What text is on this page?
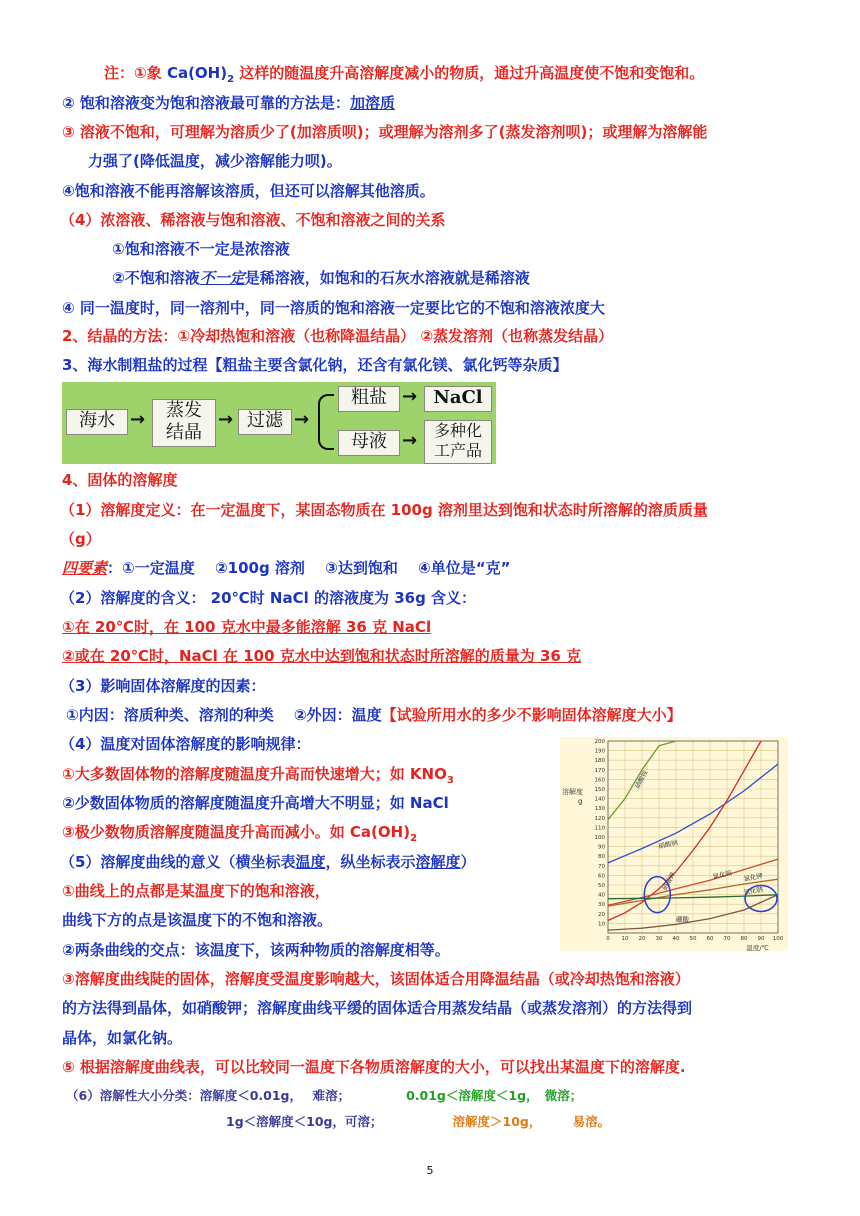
注：①象 $Ca(OH)_2$ 这样的随温度升高溶解度减小的物质，通过升高温度使不饱和变饱和。
② 饱和溶液变为饱和溶液最可靠的方法是：加溶质
③ 溶液不饱和，可理解为溶质少了(加溶质呗)；或理解为溶剂多了(蒸发溶剂呗)；或理解为溶解能
力强了(降低温度，减少溶解能力呗)。
④饱和溶液不能再溶解该溶质，但还可以溶解其他溶质。
（4）浓溶液、稀溶液与饱和溶液、不饱和溶液之间的关系
①饱和溶液不一定是浓溶液
②不饱和溶液不一定是稀溶液，如饱和的石灰水溶液就是稀溶液
④ 同一温度时，同一溶剂中，同一溶质的饱和溶液一定要比它的不饱和溶液浓度大
2、结晶的方法：①冷却热饱和溶液（也称降温结晶） ②蒸发溶剂（也称蒸发结晶）
3、海水制粗盐的过程【粗盐主要含氯化钠，还含有氯化镁、氯化钙等杂质】
海水 →	蒸发
结晶
→ 过滤 →
粗盐 → NaCl
母液 →	多种化
工产品
4、固体的溶解度
（1）溶解度定义：在一定温度下，某固态物质在 100g 溶剂里达到饱和状态时所溶解的溶质质量
（g）
四要素：①一定温度　 ②100g 溶剂　 ③达到饱和　 ④单位是“克”
（2）溶解度的含义： 20℃时 NaCl 的溶液度为 36g 含义：
①在 20℃时，在 100 克水中最多能溶解 36 克 NaCl
②或在 20℃时，NaCl 在 100 克水中达到饱和状态时所溶解的质量为 36 克
（3）影响固体溶解度的因素：
①内因：溶质种类、溶剂的种类 　②外因：温度【试验所用水的多少不影响固体溶解度大小】
（4）温度对固体溶解度的影响规律：
①大多数固体物的溶解度随温度升高而快速增大；如 $KNO_3$
②少数固体物质的溶解度随温度升高增大不明显；如 NaCl
③极少数物质溶解度随温度升高而减小。如 $Ca(OH)_2$
（5）溶解度曲线的意义（横坐标表温度，纵坐标表示溶解度）
①曲线上的点都是某温度下的饱和溶液，
曲线下方的点是该温度下的不饱和溶液。
②两条曲线的交点：该温度下，该两种物质的溶解度相等。
③溶解度曲线陡的固体，溶解度受温度影响越大，该固体适合用降温结晶（或冷却热饱和溶液）
的方法得到晶体，如硝酸钾；溶解度曲线平缓的固体适合用蒸发结晶（或蒸发溶剂）的方法得到
晶体，如氯化钠。
⑤ 根据溶解度曲线表，可以比较同一温度下各物质溶解度的大小，可以找出某温度下的溶解度.
（6）溶解性大小分类：溶解度＜0.01g，　 难溶；	0.01g＜溶解度＜1g，　微溶；
1g＜溶解度＜10g，可溶；	溶解度＞10g，　　　易溶。
5
10
20
30
40
50
60
70
80
90
100
110
120
130
140
150
160
170
180
190
200
0 10 20 30 40 50 60 70 80 90 100
溶解度
g
温度/℃
硝酸铵
硝酸钠
硝酸钾	氯化铵 氯化钾
氯化钠
硼酸
